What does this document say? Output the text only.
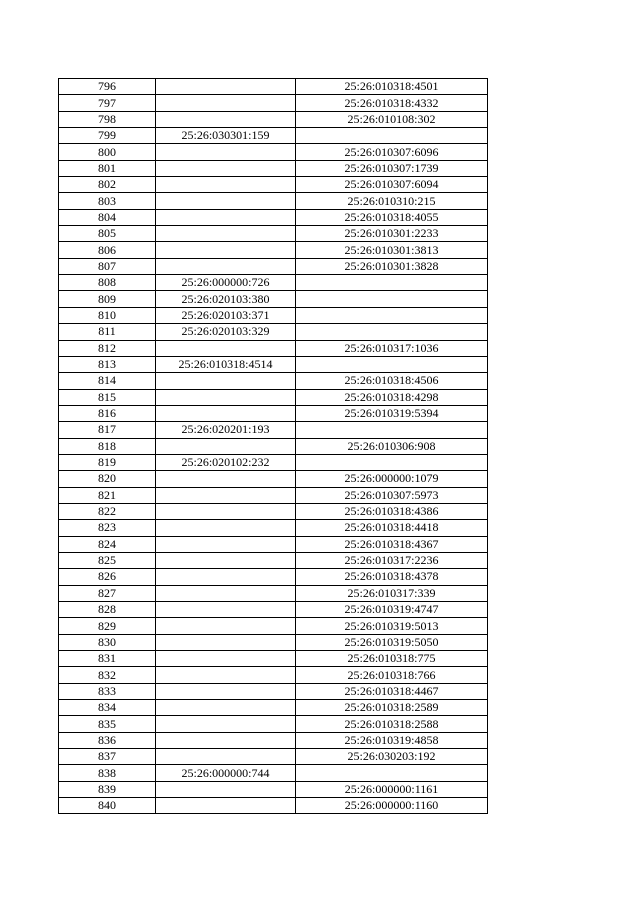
796		25:26:010318:4501
797		25:26:010318:4332
798		25:26:010108:302
799	25:26:030301:159	
800		25:26:010307:6096
801		25:26:010307:1739
802		25:26:010307:6094
803		25:26:010310:215
804		25:26:010318:4055
805		25:26:010301:2233
806		25:26:010301:3813
807		25:26:010301:3828
808	25:26:000000:726	
809	25:26:020103:380	
810	25:26:020103:371	
811	25:26:020103:329	
812		25:26:010317:1036
813	25:26:010318:4514	
814		25:26:010318:4506
815		25:26:010318:4298
816		25:26:010319:5394
817	25:26:020201:193	
818		25:26:010306:908
819	25:26:020102:232	
820		25:26:000000:1079
821		25:26:010307:5973
822		25:26:010318:4386
823		25:26:010318:4418
824		25:26:010318:4367
825		25:26:010317:2236
826		25:26:010318:4378
827		25:26:010317:339
828		25:26:010319:4747
829		25:26:010319:5013
830		25:26:010319:5050
831		25:26:010318:775
832		25:26:010318:766
833		25:26:010318:4467
834		25:26:010318:2589
835		25:26:010318:2588
836		25:26:010319:4858
837		25:26:030203:192
838	25:26:000000:744	
839		25:26:000000:1161
840		25:26:000000:1160
